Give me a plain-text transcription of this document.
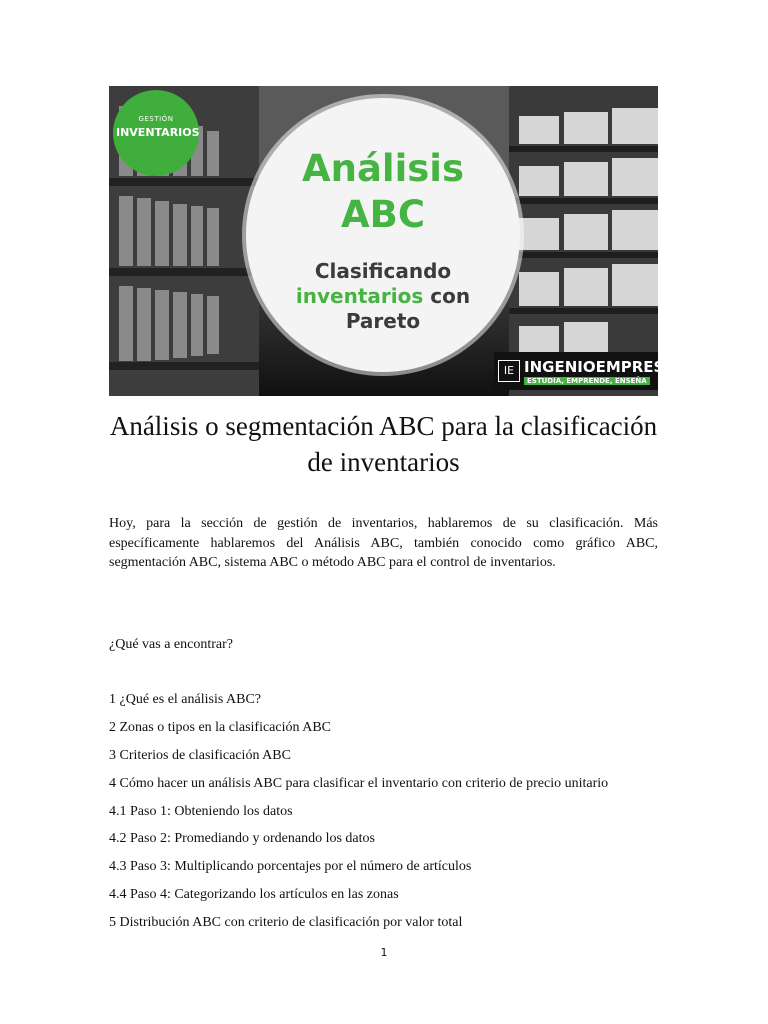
Análisis
ABC
Clasificando
inventarios con
Pareto
GESTIÓN
INVENTARIOS
IE INGENIOEMPRESA
ESTUDIA, EMPRENDE, ENSEÑA
Análisis o segmentación ABC para la clasificación de inventarios

Hoy, para la sección de gestión de inventarios, hablaremos de su clasificación. Más específicamente hablaremos del Análisis ABC, también conocido como gráfico ABC, segmentación ABC, sistema ABC o método ABC para el control de inventarios.

¿Qué vas a encontrar?

1 ¿Qué es el análisis ABC?
2 Zonas o tipos en la clasificación ABC
3 Criterios de clasificación ABC
4 Cómo hacer un análisis ABC para clasificar el inventario con criterio de precio unitario
4.1 Paso 1: Obteniendo los datos
4.2 Paso 2: Promediando y ordenando los datos
4.3 Paso 3: Multiplicando porcentajes por el número de artículos
4.4 Paso 4: Categorizando los artículos en las zonas
5 Distribución ABC con criterio de clasificación por valor total
1
